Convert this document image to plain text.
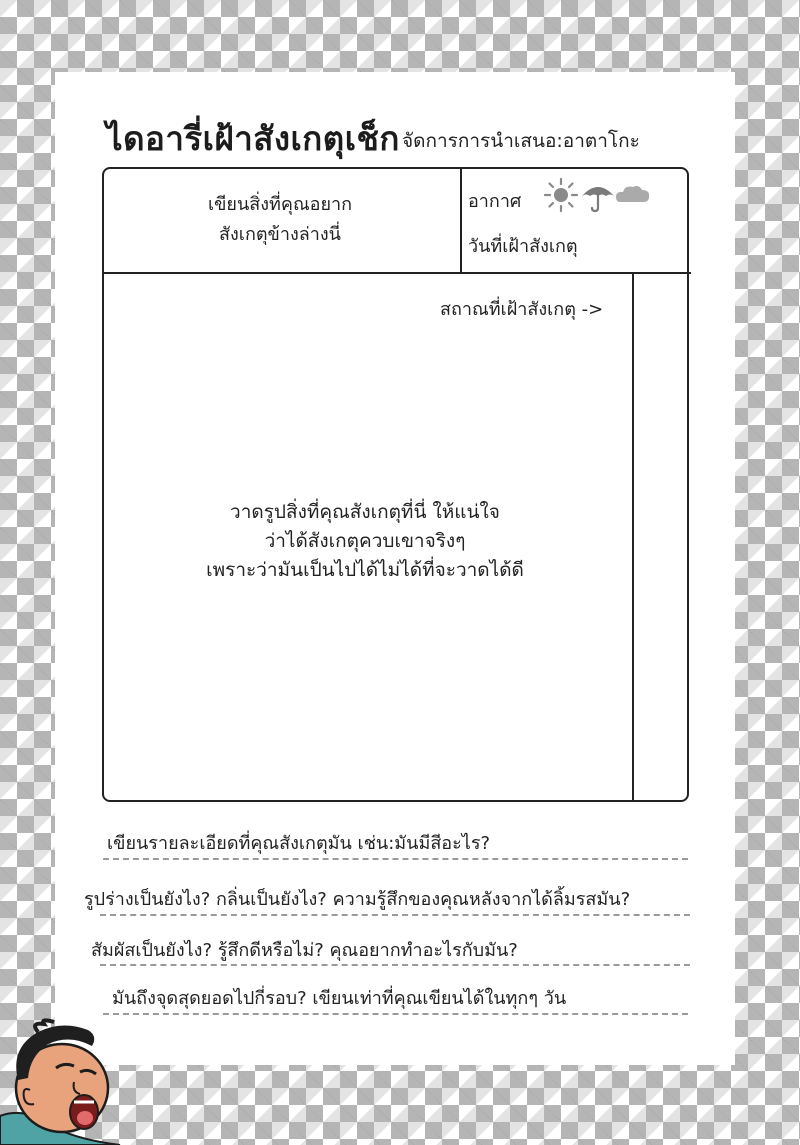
ไดอารี่เฝ้าสังเกตุเช็ก จัดการการนำเสนอ:อาตาโกะ
เขียนสิ่งที่คุณอยาก
สังเกตุข้างล่างนี่
อากาศ
วันที่เฝ้าสังเกตุ
สถาณที่เฝ้าสังเกตุ ->
วาดรูปสิ่งที่คุณสังเกตุที่นี่ ให้แน่ใจ
ว่าได้สังเกตุควบเขาจริงๆ
เพราะว่ามันเป็นไปได้ไม่ได้ที่จะวาดได้ดี
เขียนรายละเอียดที่คุณสังเกตุมัน เช่น:มันมีสีอะไร?
รูปร่างเป็นยังไง? กลิ่นเป็นยังไง? ความรู้สึกของคุณหลังจากได้ลิ้มรสมัน?
สัมผัสเป็นยังไง? รู้สึกดีหรือไม่? คุณอยากทำอะไรกับมัน?
มันถึงจุดสุดยอดไปกี่รอบ? เขียนเท่าที่คุณเขียนได้ในทุกๆ วัน
